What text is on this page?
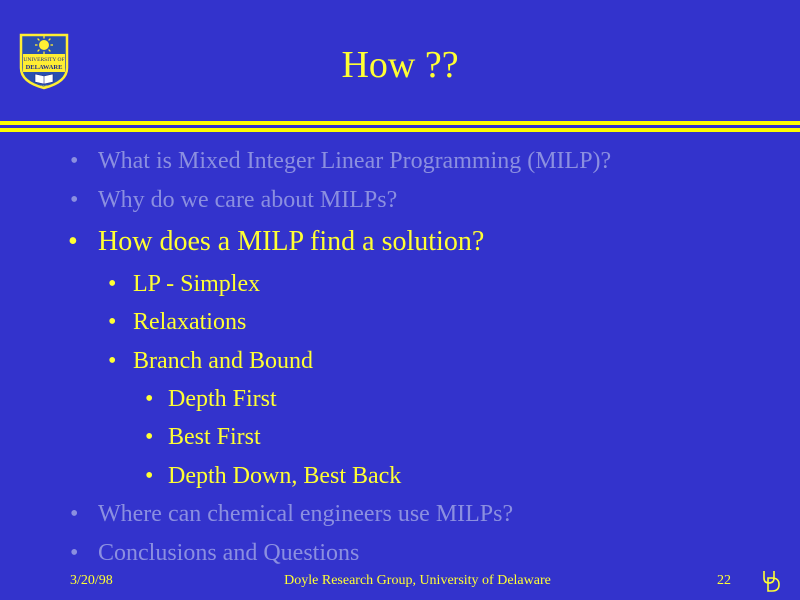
UNIVERSITY OF
DELAWARE
1743	How ??
• What is Mixed Integer Linear Programming (MILP)?
• Why do we care about MILPs?
• How does a MILP find a solution?
• LP - Simplex
• Relaxations
• Branch and Bound
• Depth First
• Best First
• Depth Down, Best Back
• Where can chemical engineers use MILPs?
• Conclusions and Questions
3/20/98	Doyle Research Group, University of Delaware	22
